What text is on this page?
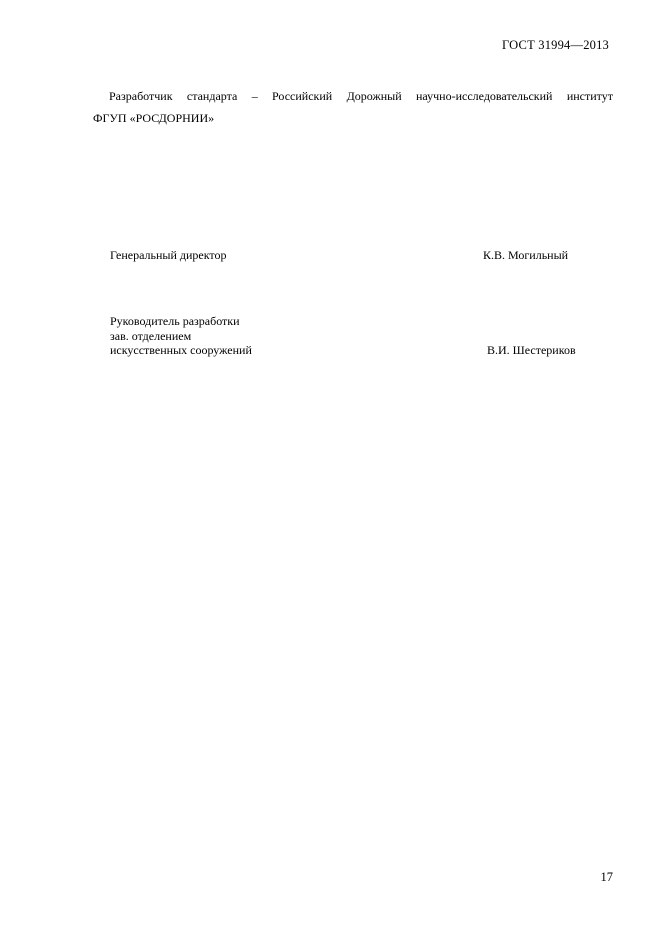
ГОСТ 31994—2013
Разработчик стандарта – Российский Дорожный научно-исследовательский институт
ФГУП «РОСДОРНИИ»
Генеральный директор	К.В. Могильный
Руководитель разработки
зав. отделением
искусственных сооружений	В.И. Шестериков
17
